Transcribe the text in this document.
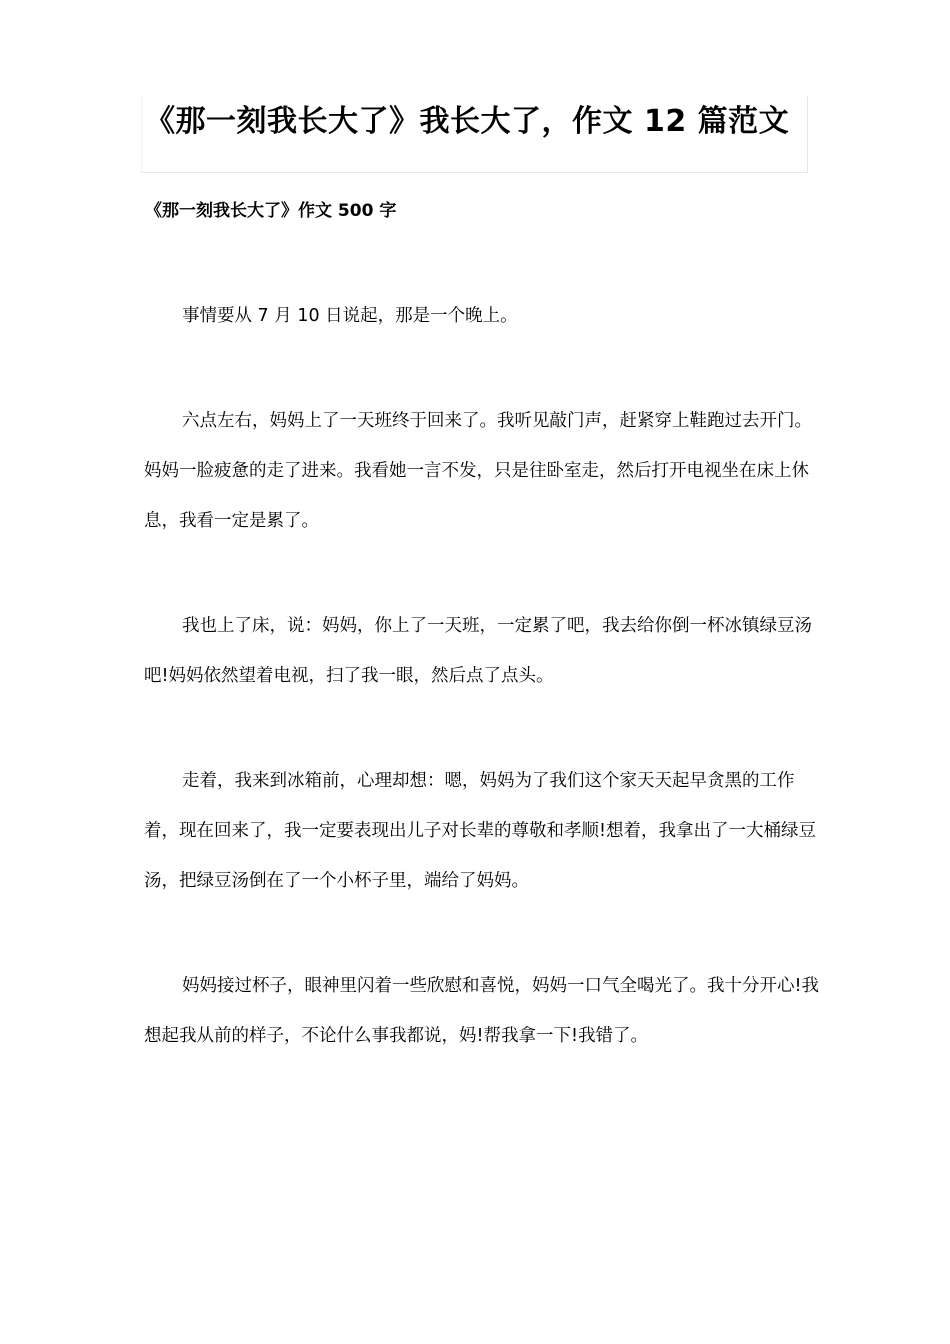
《那一刻我长大了》我长大了，作文 12 篇范文
《那一刻我长大了》作文 500 字

事情要从 7 月 10 日说起，那是一个晚上。

六点左右，妈妈上了一天班终于回来了。我听见敲门声，赶紧穿上鞋跑过去开门。妈妈一脸疲惫的走了进来。我看她一言不发，只是往卧室走，然后打开电视坐在床上休息，我看一定是累了。

我也上了床，说：妈妈，你上了一天班，一定累了吧，我去给你倒一杯冰镇绿豆汤吧!妈妈依然望着电视，扫了我一眼，然后点了点头。

走着，我来到冰箱前，心理却想：嗯，妈妈为了我们这个家天天起早贪黑的工作着，现在回来了，我一定要表现出儿子对长辈的尊敬和孝顺!想着，我拿出了一大桶绿豆汤，把绿豆汤倒在了一个小杯子里，端给了妈妈。

妈妈接过杯子，眼神里闪着一些欣慰和喜悦，妈妈一口气全喝光了。我十分开心!我想起我从前的样子，不论什么事我都说，妈!帮我拿一下!我错了。
